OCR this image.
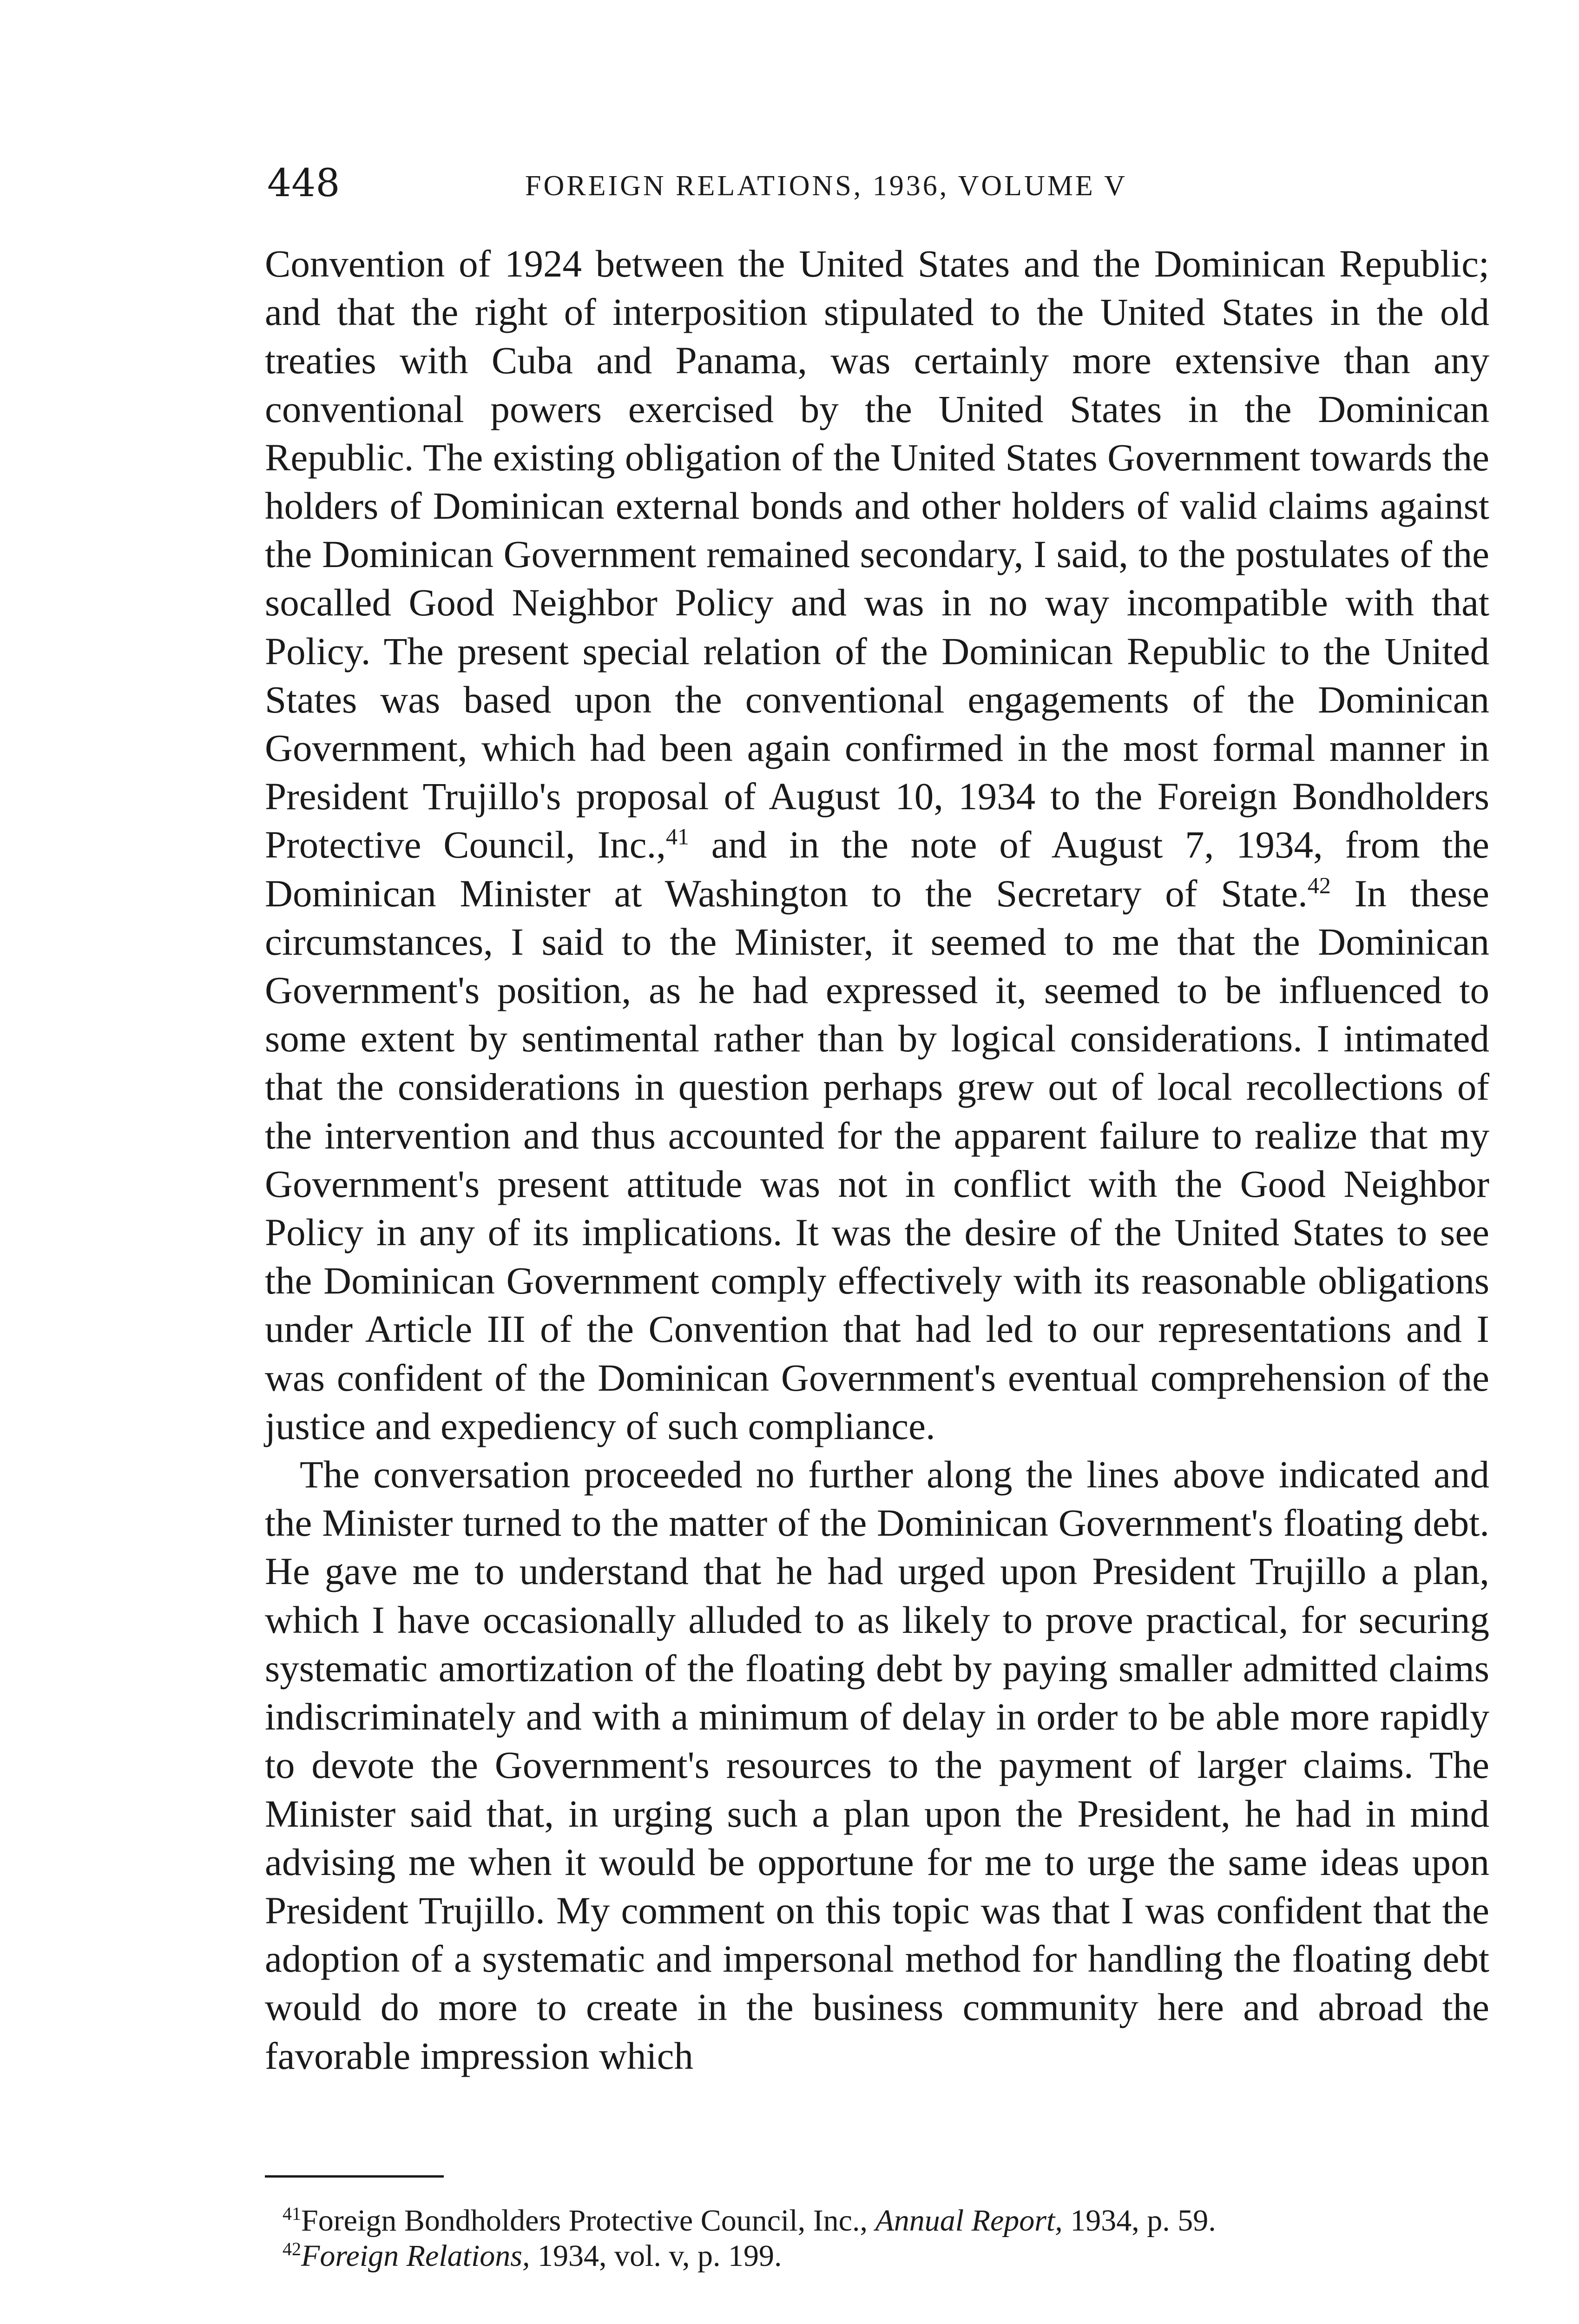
448	FOREIGN RELATIONS, 1936, VOLUME V

Convention of 1924 between the United States and the Dominican Republic; and that the right of interposition stipulated to the United States in the old treaties with Cuba and Panama, was certainly more extensive than any conventional powers exercised by the United States in the Dominican Republic. The existing obligation of the United States Government towards the holders of Dominican external bonds and other holders of valid claims against the Dominican Government remained secondary, I said, to the postulates of the socalled Good Neighbor Policy and was in no way incompatible with that Policy. The present special relation of the Dominican Republic to the United States was based upon the conventional engagements of the Dominican Government, which had been again confirmed in the most formal manner in President Trujillo's proposal of August 10, 1934 to the Foreign Bondholders Protective Council, Inc.,$^{41}$ and in the note of August 7, 1934, from the Dominican Minister at Washington to the Secretary of State.$^{42}$ In these circumstances, I said to the Minister, it seemed to me that the Dominican Government's position, as he had expressed it, seemed to be influenced to some extent by sentimental rather than by logical considerations. I intimated that the considerations in question perhaps grew out of local recollections of the intervention and thus accounted for the apparent failure to realize that my Government's present attitude was not in conflict with the Good Neighbor Policy in any of its implications. It was the desire of the United States to see the Dominican Government comply effectively with its reasonable obligations under Article III of the Convention that had led to our representations and I was confident of the Dominican Government's eventual comprehension of the justice and expediency of such compliance.

The conversation proceeded no further along the lines above indicated and the Minister turned to the matter of the Dominican Government's floating debt. He gave me to understand that he had urged upon President Trujillo a plan, which I have occasionally alluded to as likely to prove practical, for securing systematic amortization of the floating debt by paying smaller admitted claims indiscriminately and with a minimum of delay in order to be able more rapidly to devote the Government's resources to the payment of larger claims. The Minister said that, in urging such a plan upon the President, he had in mind advising me when it would be opportune for me to urge the same ideas upon President Trujillo. My comment on this topic was that I was confident that the adoption of a systematic and impersonal method for handling the floating debt would do more to create in the business community here and abroad the favorable impression which

$^{41}$Foreign Bondholders Protective Council, Inc., Annual Report, 1934, p. 59.
$^{42}$Foreign Relations, 1934, vol. v, p. 199.
